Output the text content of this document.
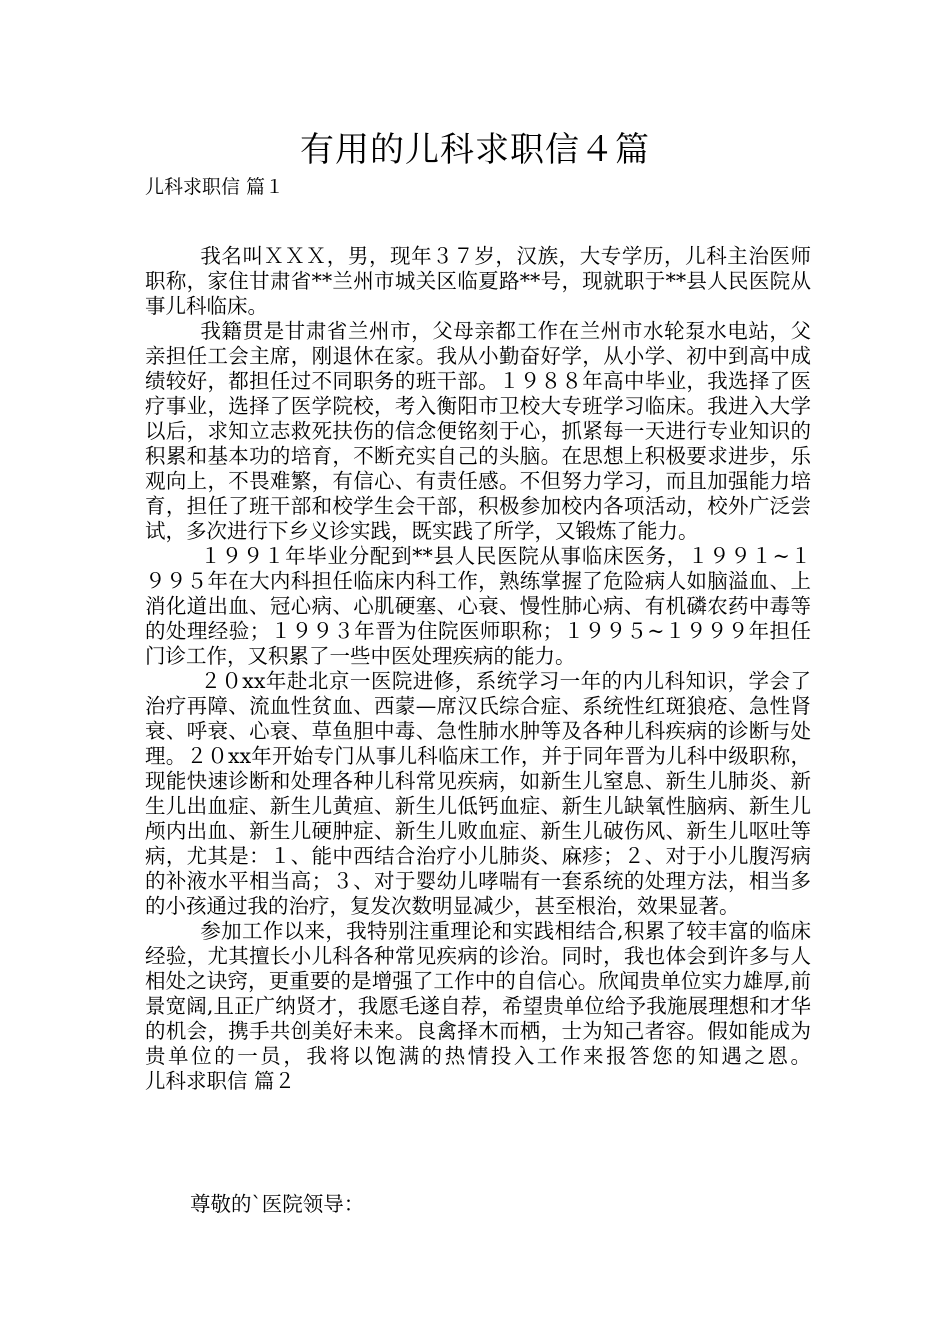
有用的儿科求职信４篇
儿科求职信 篇１

我名叫ＸＸＸ，男，现年３７岁，汉族，大专学历，儿科主治医师职称，家住甘肃省**兰州市城关区临夏路**号，现就职于**县人民医院从事儿科临床。

我籍贯是甘肃省兰州市，父母亲都工作在兰州市水轮泵水电站，父亲担任工会主席，刚退休在家。我从小勤奋好学，从小学、初中到高中成绩较好，都担任过不同职务的班干部。１９８８年高中毕业，我选择了医疗事业，选择了医学院校，考入衡阳市卫校大专班学习临床。我进入大学以后，求知立志救死扶伤的信念便铭刻于心，抓紧每一天进行专业知识的积累和基本功的培育，不断充实自己的头脑。在思想上积极要求进步，乐观向上，不畏难繁，有信心、有责任感。不但努力学习，而且加强能力培育，担任了班干部和校学生会干部，积极参加校内各项活动，校外广泛尝试，多次进行下乡义诊实践，既实践了所学，又锻炼了能力。

１９９１年毕业分配到**县人民医院从事临床医务，１９９１~１９９５年在大内科担任临床内科工作，熟练掌握了危险病人如脑溢血、上消化道出血、冠心病、心肌硬塞、心衰、慢性肺心病、有机磷农药中毒等的处理经验；１９９３年晋为住院医师职称；１９９５~１９９９年担任门诊工作，又积累了一些中医处理疾病的能力。

２０xx年赴北京一医院进修，系统学习一年的内儿科知识，学会了治疗再障、流血性贫血、西蒙—席汉氏综合症、系统性红斑狼疮、急性肾衰、呼衰、心衰、草鱼胆中毒、急性肺水肿等及各种儿科疾病的诊断与处理。２０xx年开始专门从事儿科临床工作，并于同年晋为儿科中级职称，现能快速诊断和处理各种儿科常见疾病，如新生儿窒息、新生儿肺炎、新生儿出血症、新生儿黄疸、新生儿低钙血症、新生儿缺氧性脑病、新生儿颅内出血、新生儿硬肿症、新生儿败血症、新生儿破伤风、新生儿呕吐等病，尤其是：１、能中西结合治疗小儿肺炎、麻疹；２、对于小儿腹泻病的补液水平相当高；３、对于婴幼儿哮喘有一套系统的处理方法，相当多的小孩通过我的治疗，复发次数明显减少，甚至根治，效果显著。

参加工作以来，我特别注重理论和实践相结合,积累了较丰富的临床经验，尤其擅长小儿科各种常见疾病的诊治。同时，我也体会到许多与人相处之诀窍，更重要的是增强了工作中的自信心。欣闻贵单位实力雄厚,前景宽阔,且正广纳贤才，我愿毛遂自荐，希望贵单位给予我施展理想和才华的机会，携手共创美好未来。良禽择木而栖，士为知己者容。假如能成为贵单位的一员，我将以饱满的热情投入工作来报答您的知遇之恩。儿科求职信 篇２

尊敬的`医院领导：
